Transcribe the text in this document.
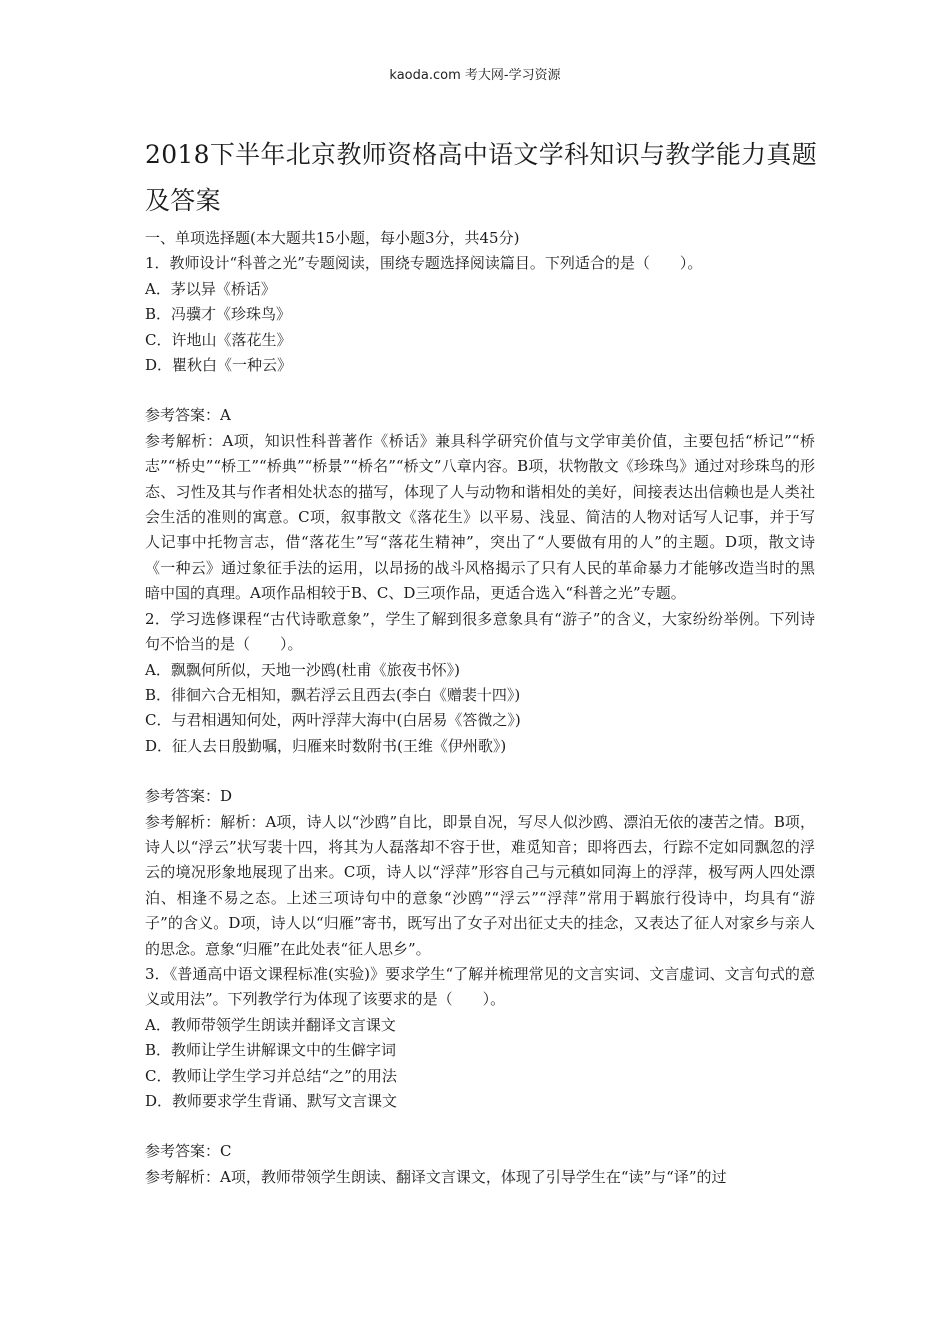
kaoda.com 考大网-学习资源
2018下半年北京教师资格高中语文学科知识与教学能力真题及答案
一、单项选择题(本大题共15小题，每小题3分，共45分)
1．教师设计“科普之光”专题阅读，围绕专题选择阅读篇目。下列适合的是（　　）。
A．茅以异《桥话》
B．冯骥才《珍珠鸟》
C．许地山《落花生》
D．瞿秋白《一种云》
参考答案：A
参考解析：A项，知识性科普著作《桥话》兼具科学研究价值与文学审美价值，主要包括“桥记”“桥志”“桥史”“桥工”“桥典”“桥景”“桥名”“桥文”八章内容。B项，状物散文《珍珠鸟》通过对珍珠鸟的形态、习性及其与作者相处状态的描写，体现了人与动物和谐相处的美好，间接表达出信赖也是人类社会生活的准则的寓意。C项，叙事散文《落花生》以平易、浅显、简洁的人物对话写人记事，并于写人记事中托物言志，借“落花生”写“落花生精神”，突出了“人要做有用的人”的主题。D项，散文诗《一种云》通过象征手法的运用，以昂扬的战斗风格揭示了只有人民的革命暴力才能够改造当时的黑暗中国的真理。A项作品相较于B、C、D三项作品，更适合选入“科普之光”专题。
2．学习选修课程“古代诗歌意象”，学生了解到很多意象具有“游子”的含义，大家纷纷举例。下列诗句不恰当的是（　　）。
A．飘飘何所似，天地一沙鸥(杜甫《旅夜书怀》)
B．徘徊六合无相知，飘若浮云且西去(李白《赠裴十四》)
C．与君相遇知何处，两叶浮萍大海中(白居易《答微之》)
D．征人去日殷勤嘱，归雁来时数附书(王维《伊州歌》)
参考答案：D
参考解析：解析：A项，诗人以“沙鸥”自比，即景自况，写尽人似沙鸥、漂泊无依的凄苦之情。B项，诗人以“浮云”状写裴十四，将其为人磊落却不容于世，难觅知音；即将西去，行踪不定如同飘忽的浮云的境况形象地展现了出来。C项，诗人以“浮萍”形容自己与元稹如同海上的浮萍，极写两人四处漂泊、相逢不易之态。上述三项诗句中的意象“沙鸥”“浮云”“浮萍”常用于羁旅行役诗中，均具有“游子”的含义。D项，诗人以“归雁”寄书，既写出了女子对出征丈夫的挂念，又表达了征人对家乡与亲人的思念。意象“归雁”在此处表“征人思乡”。
3．《普通高中语文课程标准(实验)》要求学生“了解并梳理常见的文言实词、文言虚词、文言句式的意义或用法”。下列教学行为体现了该要求的是（　　）。
A．教师带领学生朗读并翻译文言课文
B．教师让学生讲解课文中的生僻字词
C．教师让学生学习并总结“之”的用法
D．教师要求学生背诵、默写文言课文
参考答案：C
参考解析：A项，教师带领学生朗读、翻译文言课文，体现了引导学生在“读”与“译”的过
